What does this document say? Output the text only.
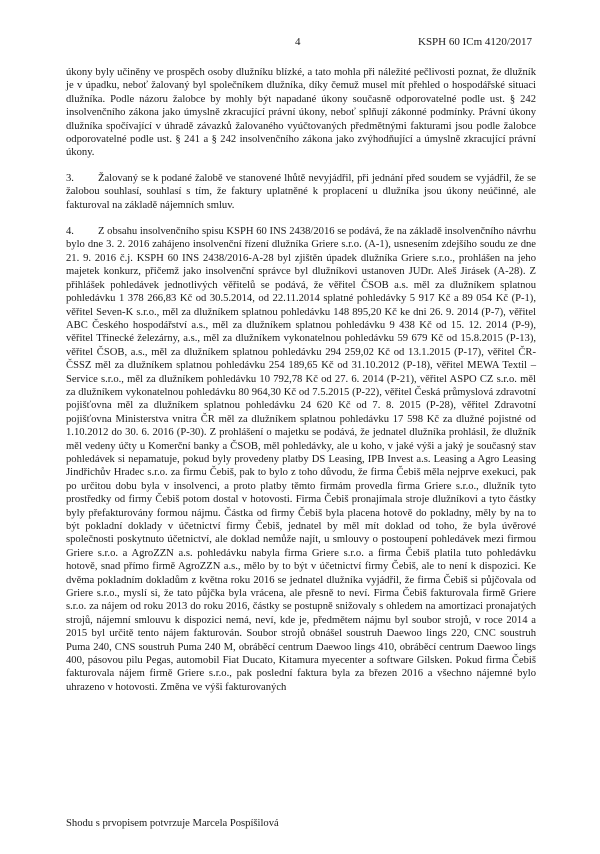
4	KSPH 60 ICm 4120/2017

úkony byly učiněny ve prospěch osoby dlužníku blízké, a tato mohla při náležité pečlivosti poznat, že dlužník je v úpadku, neboť žalovaný byl společníkem dlužníka, díky čemuž musel mít přehled o hospodářské situaci dlužníka. Podle názoru žalobce by mohly být napadané úkony současně odporovatelné podle ust. § 242 insolvenčního zákona jako úmyslně zkracující právní úkony, neboť splňují zákonné podmínky. Právní úkony dlužníka spočívající v úhradě závazků žalovaného vyúčtovaných předmětnými fakturami jsou podle žalobce odporovatelné podle ust. § 241 a § 242 insolvenčního zákona jako zvýhodňující a úmyslně zkracující právní úkony.

3. Žalovaný se k podané žalobě ve stanovené lhůtě nevyjádřil, při jednání před soudem se vyjádřil, že se žalobou souhlasí, souhlasí s tím, že faktury uplatněné k proplacení u dlužníka jsou úkony neúčinné, ale fakturoval na základě nájemních smluv.

4. Z obsahu insolvenčního spisu KSPH 60 INS 2438/2016 se podává, že na základě insolvenčního návrhu bylo dne 3. 2. 2016 zahájeno insolvenční řízení dlužníka Griere s.r.o. (A-1), usnesením zdejšího soudu ze dne 21. 9. 2016 č.j. KSPH 60 INS 2438/2016-A-28 byl zjištěn úpadek dlužníka Griere s.r.o., prohlášen na jeho majetek konkurz, přičemž jako insolvenční správce byl dlužníkovi ustanoven JUDr. Aleš Jirásek (A-28). Z přihlášek pohledávek jednotlivých věřitelů se podává, že věřitel ČSOB a.s. měl za dlužníkem splatnou pohledávku 1 378 266,83 Kč od 30.5.2014, od 22.11.2014 splatné pohledávky 5 917 Kč a 89 054 Kč (P-1), věřitel Seven-K s.r.o., měl za dlužníkem splatnou pohledávku 148 895,20 Kč ke dni 26. 9. 2014 (P-7), věřitel ABC Českého hospodářství a.s., měl za dlužníkem splatnou pohledávku 9 438 Kč od 15. 12. 2014 (P-9), věřitel Třinecké železárny, a.s., měl za dlužníkem vykonatelnou pohledávku 59 679 Kč od 15.8.2015 (P-13), věřitel ČSOB, a.s., měl za dlužníkem splatnou pohledávku 294 259,02 Kč od 13.1.2015 (P-17), věřitel ČR-ČSSZ měl za dlužníkem splatnou pohledávku 254 189,65 Kč od 31.10.2012 (P-18), věřitel MEWA Textil – Service s.r.o., měl za dlužníkem pohledávku 10 792,78 Kč od 27. 6. 2014 (P-21), věřitel ASPO CZ s.r.o. měl za dlužníkem vykonatelnou pohledávku 80 964,30 Kč od 7.5.2015 (P-22), věřitel Česká průmyslová zdravotní pojišťovna měl za dlužníkem splatnou pohledávku 24 620 Kč od 7. 8. 2015 (P-28), věřitel Zdravotní pojišťovna Ministerstva vnitra ČR měl za dlužníkem splatnou pohledávku 17 598 Kč za dlužné pojistné od 1.10.2012 do 30. 6. 2016 (P-30). Z prohlášení o majetku se podává, že jednatel dlužníka prohlásil, že dlužník měl vedeny účty u Komerční banky a ČSOB, měl pohledávky, ale u koho, v jaké výši a jaký je současný stav pohledávek si nepamatuje, pokud byly provedeny platby DS Leasing, IPB Invest a.s. Leasing a Agro Leasing Jindřichův Hradec s.r.o. za firmu Čebiš, pak to bylo z toho důvodu, že firma Čebiš měla nejprve exekuci, pak po určitou dobu byla v insolvenci, a proto platby těmto firmám provedla firma Griere s.r.o., dlužník tyto prostředky od firmy Čebiš potom dostal v hotovosti. Firma Čebiš pronajímala stroje dlužníkovi a tyto částky byly přefakturovány formou nájmu. Částka od firmy Čebiš byla placena hotově do pokladny, měly by na to být pokladní doklady v účetnictví firmy Čebiš, jednatel by měl mít doklad od toho, že byla úvěrové společnosti poskytnuto účetnictví, ale doklad nemůže najít, u smlouvy o postoupení pohledávek mezi firmou Griere s.r.o. a AgroZZN a.s. pohledávku nabyla firma Griere s.r.o. a firma Čebiš platila tuto pohledávku hotově, snad přímo firmě AgroZZN a.s., mělo by to být v účetnictví firmy Čebiš, ale to není k dispozici. Ke dvěma pokladním dokladům z května roku 2016 se jednatel dlužníka vyjádřil, že firma Čebiš si půjčovala od Griere s.r.o., myslí si, že tato půjčka byla vrácena, ale přesně to neví. Firma Čebiš fakturovala firmě Griere s.r.o. za nájem od roku 2013 do roku 2016, částky se postupně snižovaly s ohledem na amortizaci pronajatých strojů, nájemní smlouvu k dispozici nemá, neví, kde je, předmětem nájmu byl soubor strojů, v roce 2014 a 2015 byl určitě tento nájem fakturován. Soubor strojů obnášel soustruh Daewoo lings 220, CNC soustruh Puma 240, CNS soustruh Puma 240 M, obráběcí centrum Daewoo lings 410, obráběcí centrum Daewoo lings 400, pásovou pilu Pegas, automobil Fiat Ducato, Kitamura myecenter a software Gilsken. Pokud firma Čebiš fakturovala nájem firmě Griere s.r.o., pak poslední faktura byla za březen 2016 a všechno nájemné bylo uhrazeno v hotovosti. Změna ve výši fakturovaných

Shodu s prvopisem potvrzuje Marcela Pospíšilová
